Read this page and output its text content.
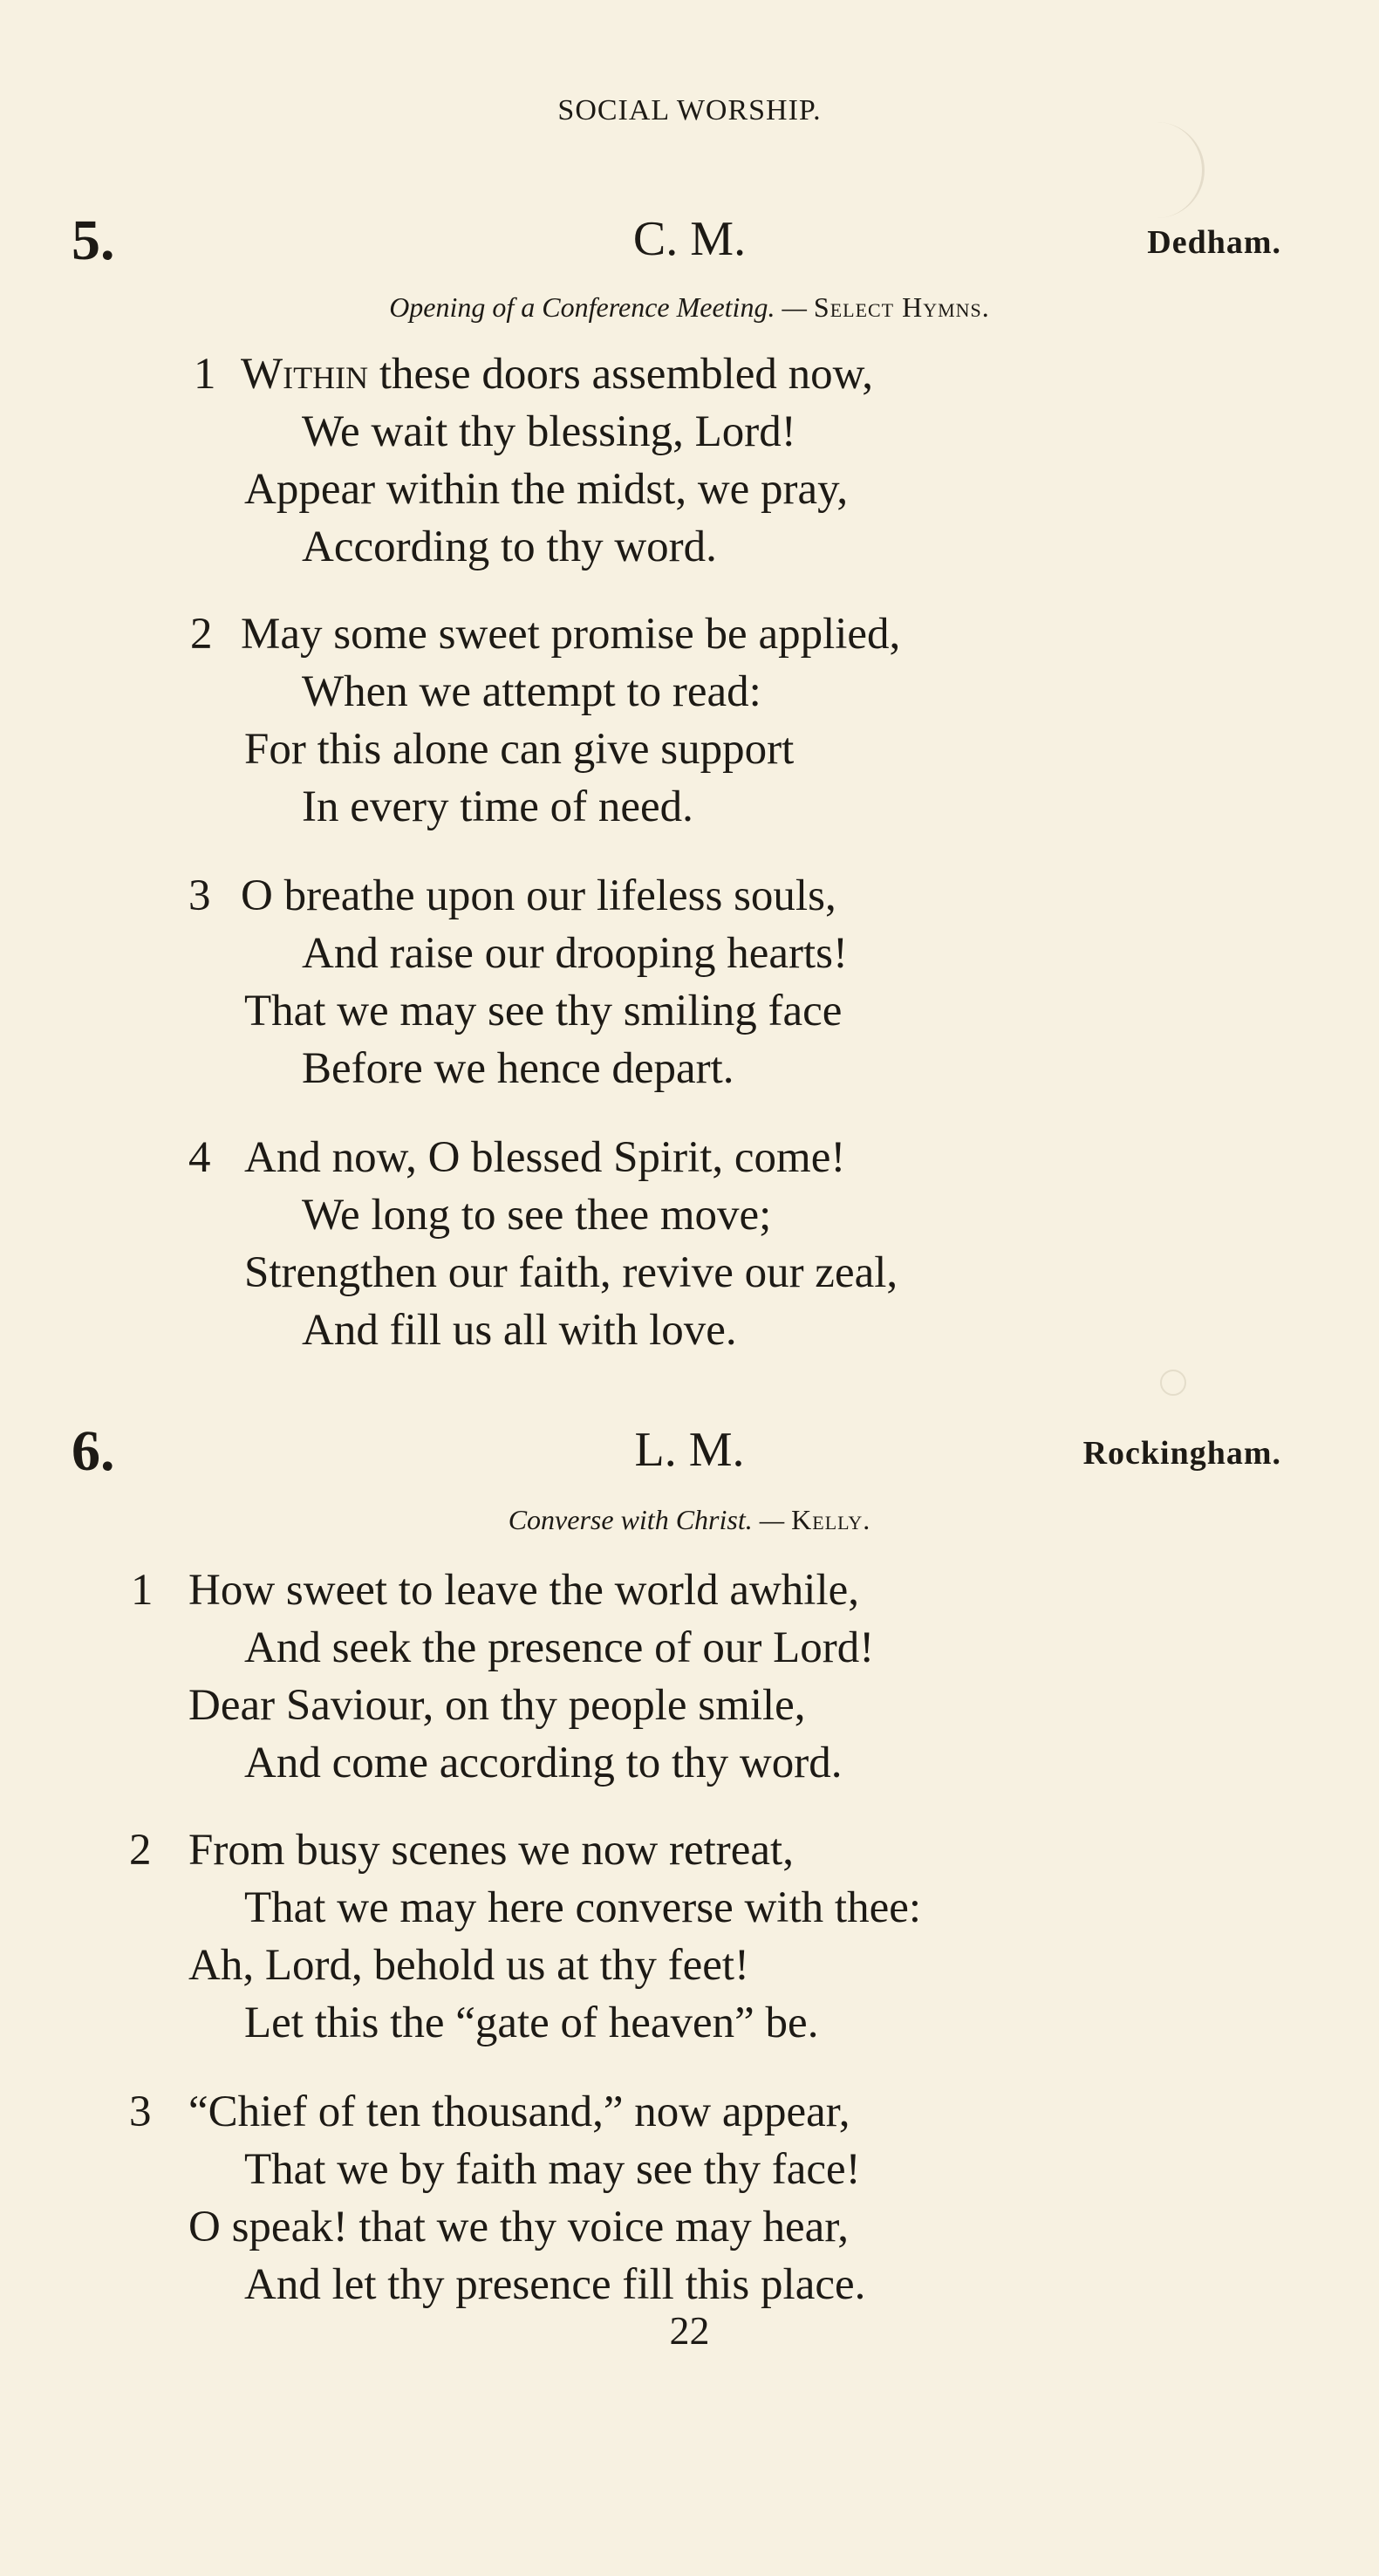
SOCIAL WORSHIP.
5.	C. M.	Dedham.
Opening of a Conference Meeting. — Select Hymns.
1 Within these doors assembled now,
We wait thy blessing, Lord!
Appear within the midst, we pray,
According to thy word.
2 May some sweet promise be applied,
When we attempt to read:
For this alone can give support
In every time of need.
3 O breathe upon our lifeless souls,
And raise our drooping hearts!
That we may see thy smiling face
Before we hence depart.
4 And now, O blessed Spirit, come!
We long to see thee move;
Strengthen our faith, revive our zeal,
And fill us all with love.
6.	L. M.	Rockingham.
Converse with Christ. — Kelly.
1 How sweet to leave the world awhile,
And seek the presence of our Lord!
Dear Saviour, on thy people smile,
And come according to thy word.
2 From busy scenes we now retreat,
That we may here converse with thee:
Ah, Lord, behold us at thy feet!
Let this the “gate of heaven” be.
3 “Chief of ten thousand,” now appear,
That we by faith may see thy face!
O speak! that we thy voice may hear,
And let thy presence fill this place.
22
